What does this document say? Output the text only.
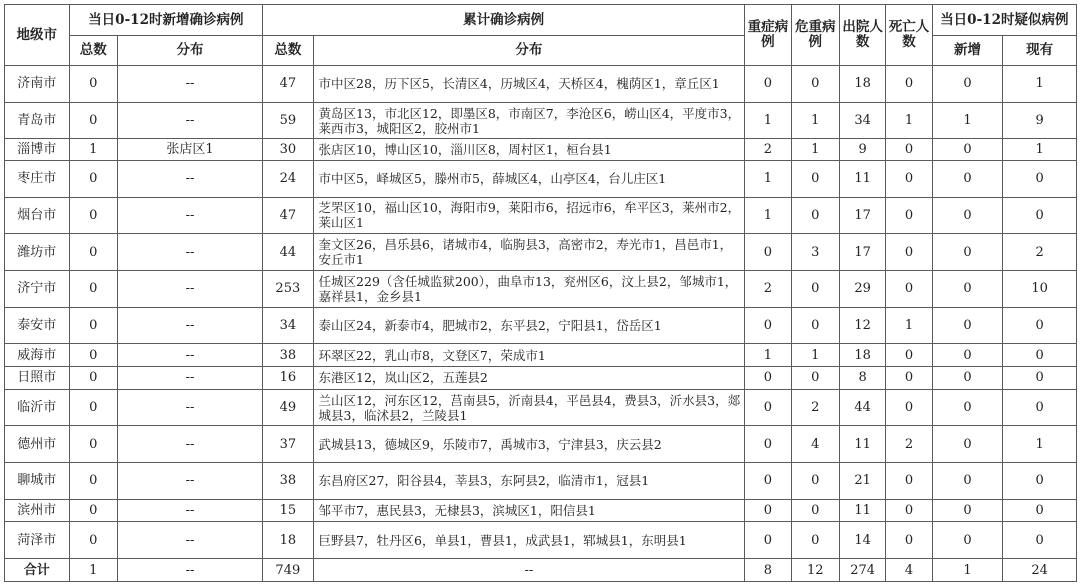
地级市	当日0-12时新增确诊病例		累计确诊病例		重症病例	危重病例	出院人数	死亡人数	当日0-12时疑似病例	
	总数	分布	总数	分布					新增	现有
济南市	0	--	47	市中区28，历下区5，长清区4，历城区4，天桥区4，槐荫区1，章丘区1	0	0	18	0	0	1
青岛市	0	--	59	黄岛区13，市北区12，即墨区8，市南区7，李沧区6，崂山区4，平度市3，莱西市3，城阳区2，胶州市1	1	1	34	1	1	9
淄博市	1	张店区1	30	张店区10，博山区10，淄川区8，周村区1，桓台县1	2	1	9	0	0	1
枣庄市	0	--	24	市中区5，峄城区5，滕州市5，薛城区4，山亭区4，台儿庄区1	1	0	11	0	0	0
烟台市	0	--	47	芝罘区10，福山区10，海阳市9，莱阳市6，招远市6，牟平区3，莱州市2，莱山区1	1	0	17	0	0	0
潍坊市	0	--	44	奎文区26，昌乐县6，诸城市4，临朐县3，高密市2，寿光市1，昌邑市1，安丘市1	0	3	17	0	0	2
济宁市	0	--	253	任城区229（含任城监狱200），曲阜市13，兖州区6，汶上县2，邹城市1，嘉祥县1，金乡县1	2	0	29	0	0	10
泰安市	0	--	34	泰山区24，新泰市4，肥城市2，东平县2，宁阳县1，岱岳区1	0	0	12	1	0	0
威海市	0	--	38	环翠区22，乳山市8，文登区7，荣成市1	1	1	18	0	0	0
日照市	0	--	16	东港区12，岚山区2，五莲县2	0	0	8	0	0	0
临沂市	0	--	49	兰山区12，河东区12，莒南县5，沂南县4，平邑县4，费县3，沂水县3，郯城县3，临沭县2，兰陵县1	0	2	44	0	0	0
德州市	0	--	37	武城县13，德城区9，乐陵市7，禹城市3，宁津县3，庆云县2	0	4	11	2	0	1
聊城市	0	--	38	东昌府区27，阳谷县4，莘县3，东阿县2，临清市1，冠县1	0	0	21	0	0	0
滨州市	0	--	15	邹平市7，惠民县3，无棣县3，滨城区1，阳信县1	0	0	11	0	0	0
菏泽市	0	--	18	巨野县7，牡丹区6，单县1，曹县1，成武县1，郓城县1，东明县1	0	0	14	0	0	0
合计	1	--	749	--	8	12	274	4	1	24
